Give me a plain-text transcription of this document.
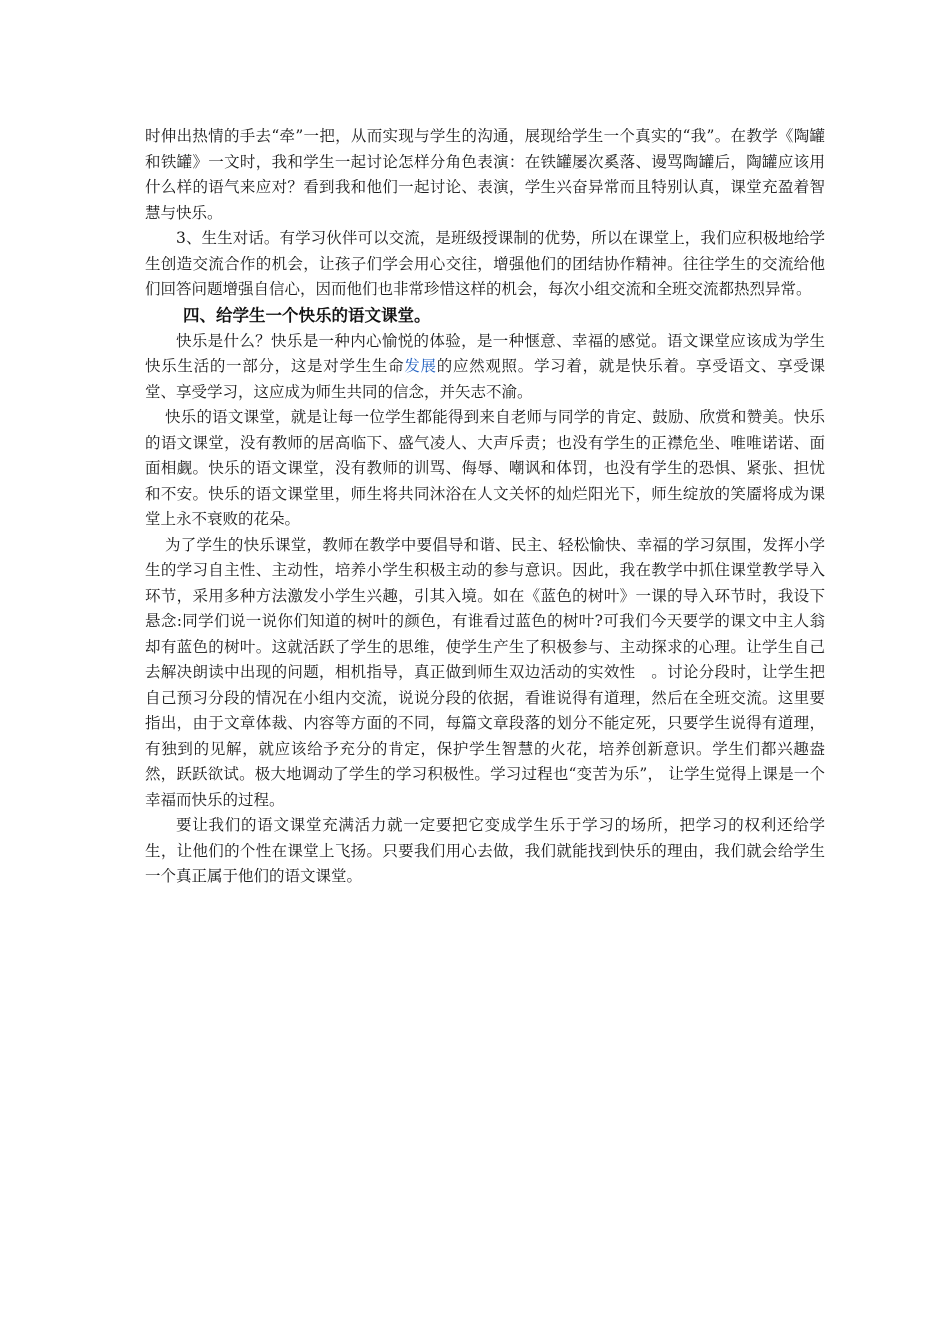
时伸出热情的手去“牵”一把，从而实现与学生的沟通，展现给学生一个真实的“我”。在教学《陶罐和铁罐》一文时，我和学生一起讨论怎样分角色表演：在铁罐屡次奚落、谩骂陶罐后，陶罐应该用什么样的语气来应对？看到我和他们一起讨论、表演，学生兴奋异常而且特别认真，课堂充盈着智慧与快乐。

3、生生对话。有学习伙伴可以交流，是班级授课制的优势，所以在课堂上，我们应积极地给学生创造交流合作的机会，让孩子们学会用心交往，增强他们的团结协作精神。往往学生的交流给他们回答问题增强自信心，因而他们也非常珍惜这样的机会，每次小组交流和全班交流都热烈异常。

四、给学生一个快乐的语文课堂。

快乐是什么？快乐是一种内心愉悦的体验，是一种惬意、幸福的感觉。语文课堂应该成为学生快乐生活的一部分，这是对学生生命发展的应然观照。学习着，就是快乐着。享受语文、享受课堂、享受学习，这应成为师生共同的信念，并矢志不渝。

快乐的语文课堂，就是让每一位学生都能得到来自老师与同学的肯定、鼓励、欣赏和赞美。快乐的语文课堂，没有教师的居高临下、盛气凌人、大声斥责；也没有学生的正襟危坐、唯唯诺诺、面面相觑。快乐的语文课堂，没有教师的训骂、侮辱、嘲讽和体罚，也没有学生的恐惧、紧张、担忧和不安。快乐的语文课堂里，师生将共同沐浴在人文关怀的灿烂阳光下，师生绽放的笑靥将成为课堂上永不衰败的花朵。

为了学生的快乐课堂，教师在教学中要倡导和谐、民主、轻松愉快、幸福的学习氛围，发挥小学生的学习自主性、主动性，培养小学生积极主动的参与意识。因此，我在教学中抓住课堂教学导入环节，采用多种方法激发小学生兴趣，引其入境。如在《蓝色的树叶》一课的导入环节时，我设下悬念:同学们说一说你们知道的树叶的颜色，有谁看过蓝色的树叶?可我们今天要学的课文中主人翁却有蓝色的树叶。这就活跃了学生的思维，使学生产生了积极参与、主动探求的心理。让学生自己去解决朗读中出现的问题，相机指导，真正做到师生双边活动的实效性　。讨论分段时，让学生把自己预习分段的情况在小组内交流，说说分段的依据，看谁说得有道理，然后在全班交流。这里要指出，由于文章体裁、内容等方面的不同，每篇文章段落的划分不能定死，只要学生说得有道理，有独到的见解，就应该给予充分的肯定，保护学生智慧的火花，培养创新意识。学生们都兴趣盎然，跃跃欲试。极大地调动了学生的学习积极性。学习过程也“变苦为乐”， 让学生觉得上课是一个幸福而快乐的过程。

要让我们的语文课堂充满活力就一定要把它变成学生乐于学习的场所，把学习的权利还给学生，让他们的个性在课堂上飞扬。只要我们用心去做，我们就能找到快乐的理由，我们就会给学生一个真正属于他们的语文课堂。
